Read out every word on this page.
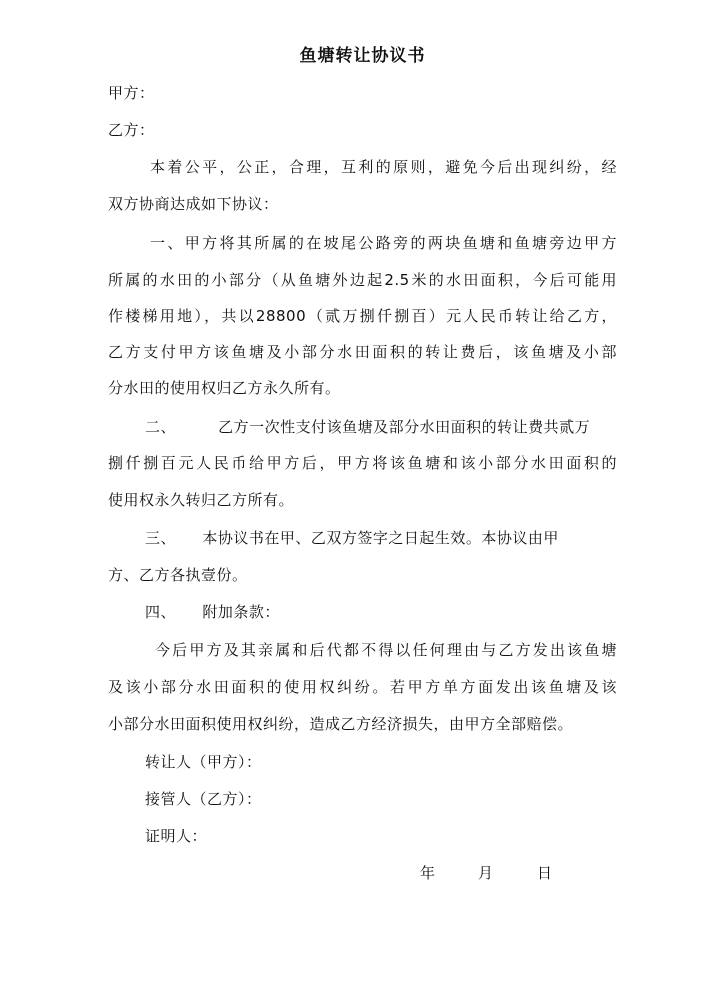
鱼塘转让协议书
甲方：
乙方：
本着公平，公正，合理，互利的原则，避免今后出现纠纷，经
双方协商达成如下协议：
一、甲方将其所属的在坡尾公路旁的两块鱼塘和鱼塘旁边甲方
所属的水田的小部分（从鱼塘外边起2.5米的水田面积，今后可能用
作楼梯用地），共以28800（贰万捌仟捌百）元人民币转让给乙方，
乙方支付甲方该鱼塘及小部分水田面积的转让费后，该鱼塘及小部
分水田的使用权归乙方永久所有。
二、        乙方一次性支付该鱼塘及部分水田面积的转让费共贰万
捌仟捌百元人民币给甲方后，甲方将该鱼塘和该小部分水田面积的
使用权永久转归乙方所有。
三、     本协议书在甲、乙双方签字之日起生效。本协议由甲
方、乙方各执壹份。
四、     附加条款：
今后甲方及其亲属和后代都不得以任何理由与乙方发出该鱼塘
及该小部分水田面积的使用权纠纷。若甲方单方面发出该鱼塘及该
小部分水田面积使用权纠纷，造成乙方经济损失，由甲方全部赔偿。
转让人（甲方）：
接管人（乙方）：
证明人：
年	月	日
